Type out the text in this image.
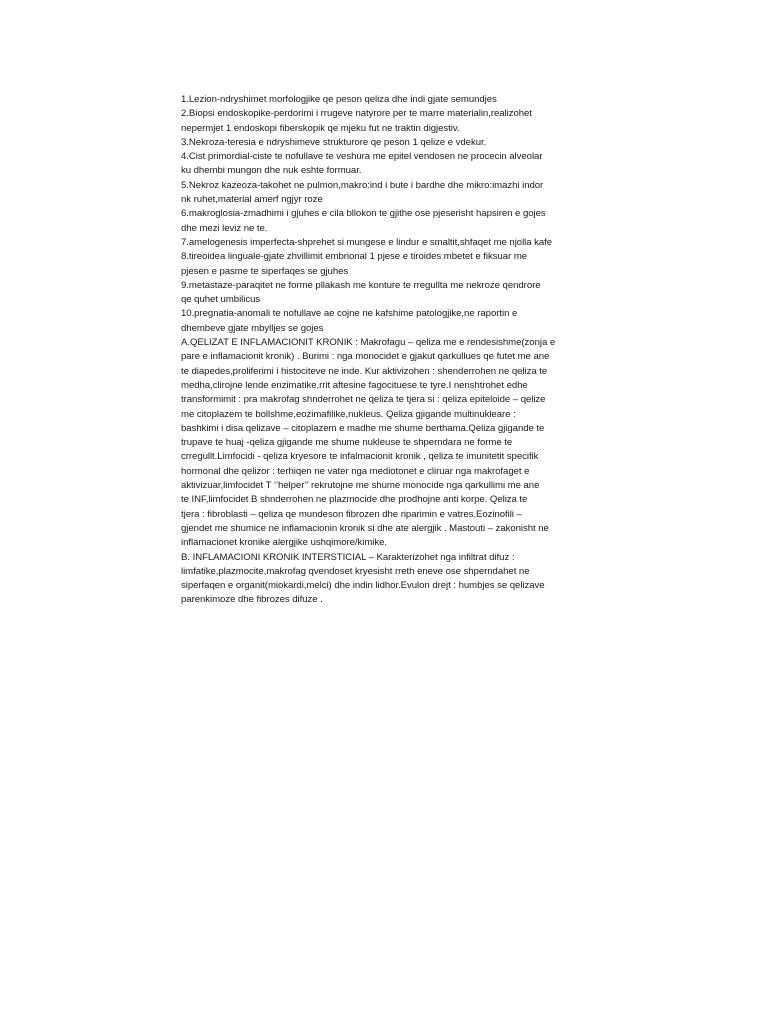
1.Lezion-ndryshimet morfologjike qe peson qeliza dhe indi gjate semundjes
2.Biopsi endoskopike-perdorimi i rrugeve natyrore per te marre materialin,realizohet
nepermjet 1 endoskopi fiberskopik qe mjeku fut ne traktin digjestiv.
3.Nekroza-teresia e ndryshimeve strukturore qe peson 1 qelize e vdekur.
4.Cist primordial-ciste te nofullave te veshura me epitel vendosen ne procecin alveolar
ku dhembi mungon dhe nuk eshte formuar.
5.Nekroz kazeoza-takohet ne pulmon,makro:ind i bute i bardhe dhe mikro:imazhi indor
nk ruhet,material amerf ngjyr roze
6.makroglosia-zmadhimi i gjuhes e cila bllokon te gjithe ose pjeserisht hapsiren e gojes
dhe mezi leviz ne te.
7.amelogenesis imperfecta-shprehet si mungese e lindur e smaltit,shfaqet me njolla kafe
8.tireoidea linguale-gjate zhvillimit embrional 1 pjese e tiroides mbetet e fiksuar me
pjesen e pasme te siperfaqes se gjuhes
9.metastaze-paraqitet ne forme pllakash me konture te rregullta me nekroze qendrore
qe quhet umbilicus
10.pregnatia-anomali te nofullave ae cojne ne kafshime patologjike,ne raportin e
dhembeve gjate mbylljes se gojes
A.QELIZAT E INFLAMACIONIT KRONIK : Makrofagu – qeliza me e rendesishme(zonja e
pare e inflamacionit kronik) . Burimi : nga monocidet e gjakut qarkullues qe futet me ane
te diapedes,proliferimi i histociteve ne inde. Kur aktivizohen : shenderrohen ne qeliza te
medha,clirojne lende enzimatike,rrit aftesine fagocituese te tyre.I nenshtrohet edhe
transformimit : pra makrofag shnderrohet ne qeliza te tjera si : qeliza epiteloide – qelize
me citoplazem te bollshme,eozimafilike,nukleus. Qeliza gjigande multinukleare :
bashkimi i disa qelizave – citoplazem e madhe me shume berthama.Qeliza gjigande te
trupave te huaj -qeliza gjigande me shume nukleuse te shperndara ne forme te
crregullt.Limfocidi - qeliza kryesore te infalmacionit kronik , qeliza te imunitetit specifik
hormonal dhe qelizor : terhiqen ne vater nga mediotonet e cliruar nga makrofaget e
aktivizuar,limfocidet T ‘’helper’’ rekrutojne me shume monocide nga qarkullimi me ane
te INF,limfocidet B shnderrohen ne plazmocide dhe prodhojne anti korpe. Qeliza te
tjera : fibroblasti – qeliza qe mundeson fibrozen dhe riparimin e vatres.Eozinofili –
gjendet me shumice ne inflamacionin kronik si dhe ate alergjik . Mastouti – zakonisht ne
inflamacionet kronike alergjike ushqimore/kimike.
B. INFLAMACIONI KRONIK INTERSTICIAL – Karakterizohet nga infiltrat difuz :
limfatike,plazmocite,makrofag qvendoset kryesisht rreth eneve ose shperndahet ne
siperfaqen e organit(miokardi,melci) dhe indin lidhor.Evulon drejt : humbjes se qelizave
parenkimoze dhe fibrozes difuze .
